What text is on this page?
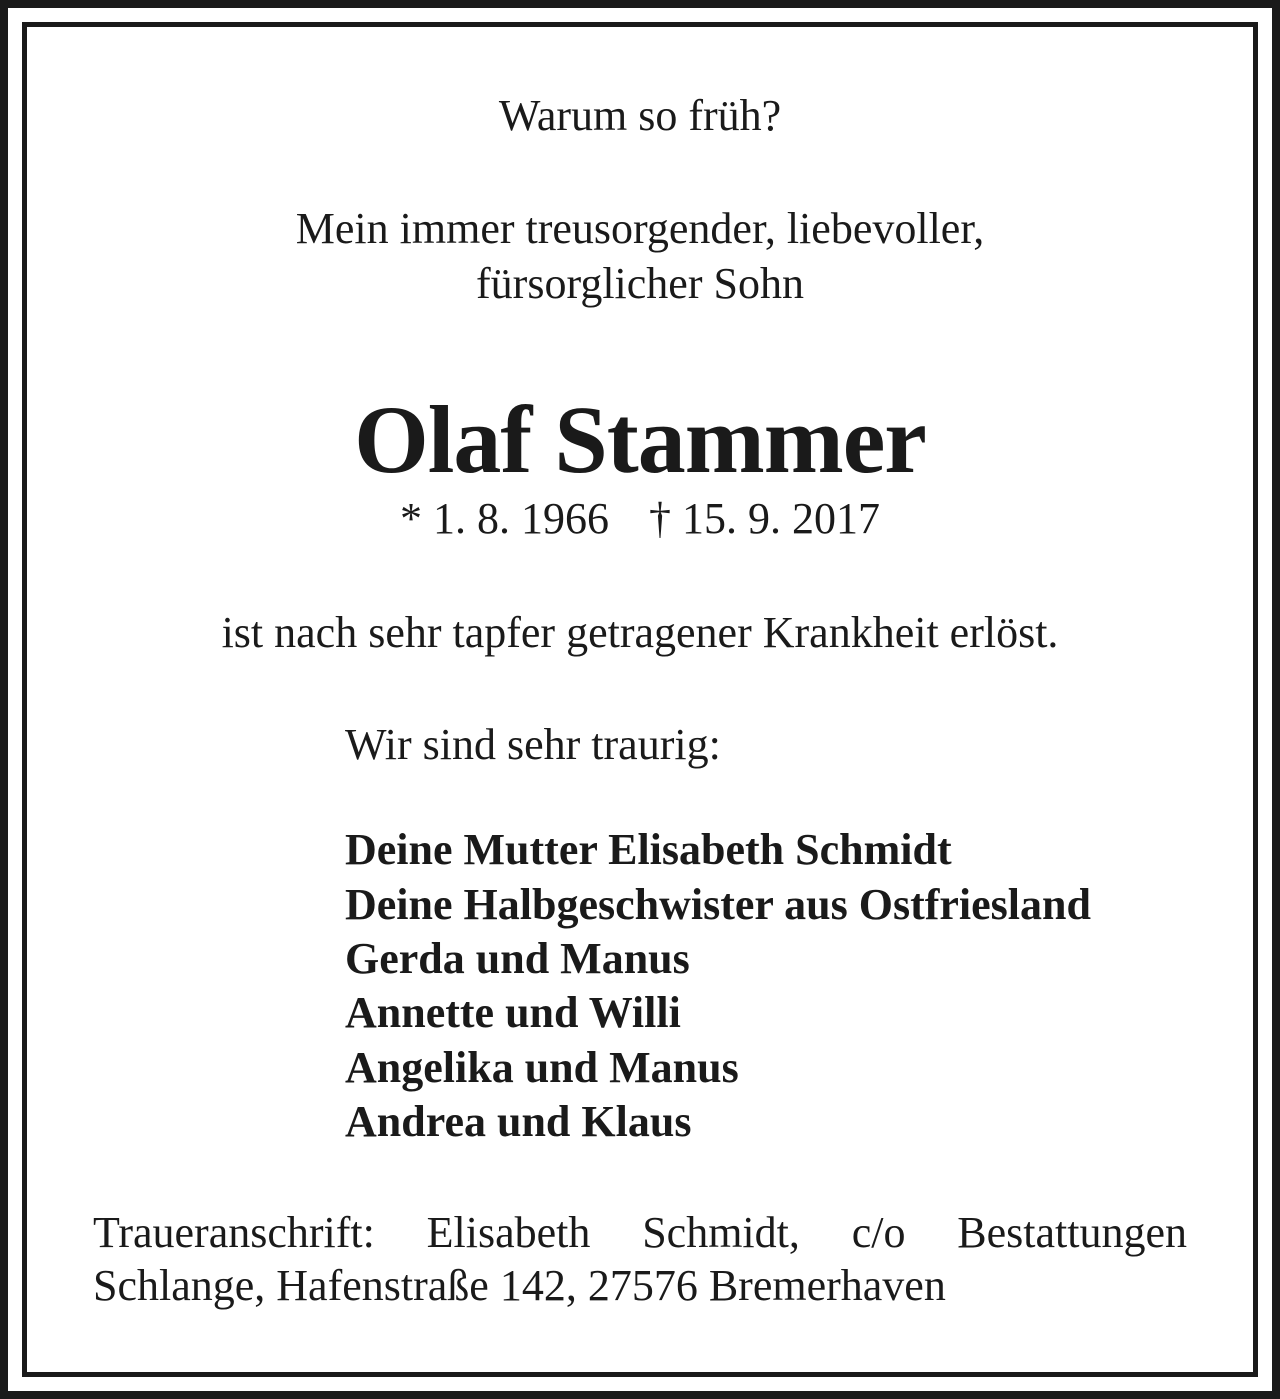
Warum so früh?

Mein immer treusorgender, liebevoller,

fürsorglicher Sohn

Olaf Stammer

* 1. 8. 1966 † 15. 9. 2017

ist nach sehr tapfer getragener Krankheit erlöst.

Wir sind sehr traurig:

Deine Mutter Elisabeth Schmidt

Deine Halbgeschwister aus Ostfriesland

Gerda und Manus

Annette und Willi

Angelika und Manus

Andrea und Klaus

Traueranschrift: Elisabeth Schmidt, c/o Bestattungen

Schlange, Hafenstraße 142, 27576 Bremerhaven
